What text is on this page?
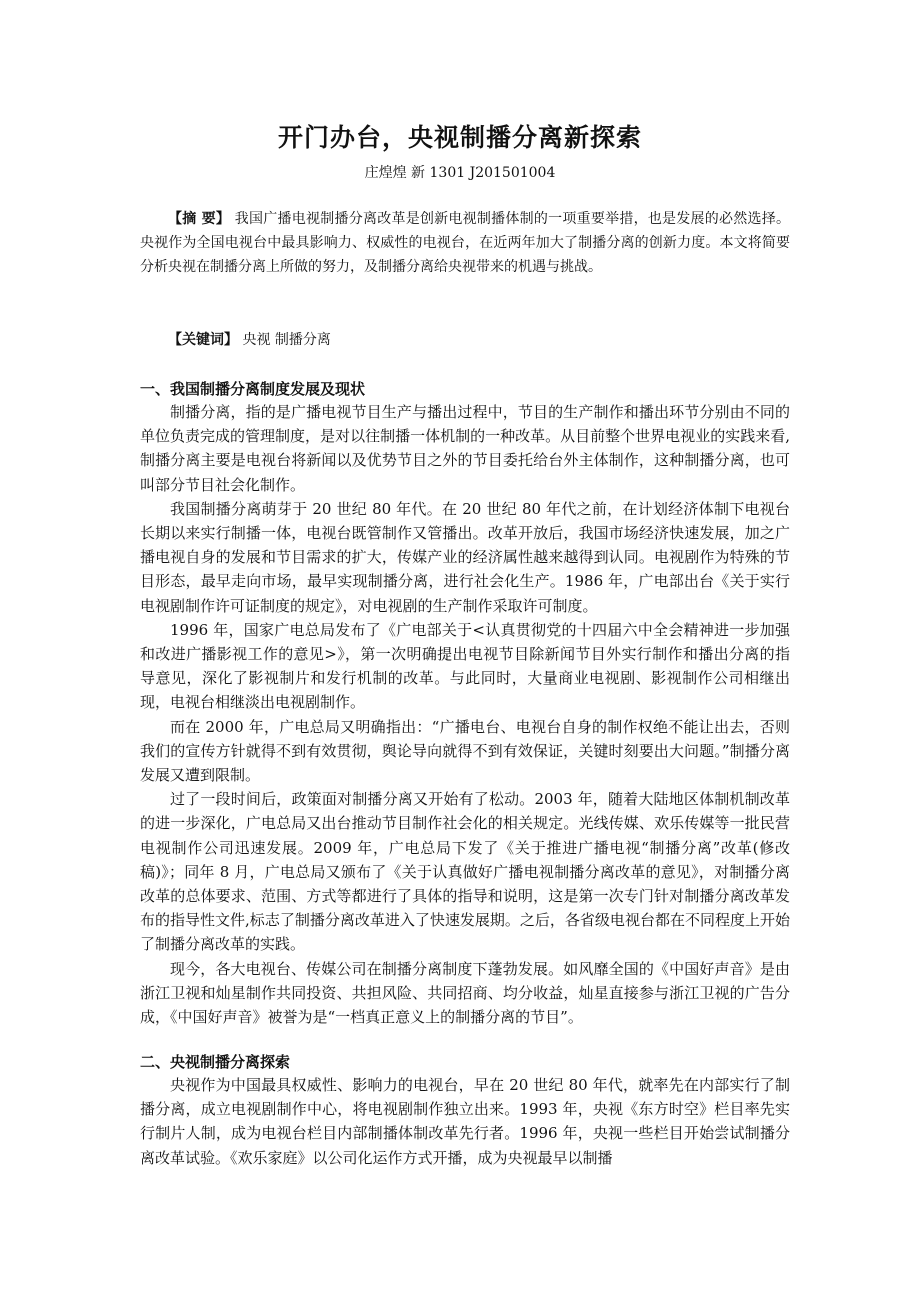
开门办台，央视制播分离新探索
庄煌煌 新 1301 J201501004

【摘 要】 我国广播电视制播分离改革是创新电视制播体制的一项重要举措，也是发展的必然选择。央视作为全国电视台中最具影响力、权威性的电视台，在近两年加大了制播分离的创新力度。本文将简要分析央视在制播分离上所做的努力，及制播分离给央视带来的机遇与挑战。

【关键词】 央视 制播分离

一、我国制播分离制度发展及现状

制播分离，指的是广播电视节目生产与播出过程中，节目的生产制作和播出环节分别由不同的单位负责完成的管理制度，是对以往制播一体机制的一种改革。从目前整个世界电视业的实践来看,制播分离主要是电视台将新闻以及优势节目之外的节目委托给台外主体制作，这种制播分离，也可叫部分节目社会化制作。

我国制播分离萌芽于 20 世纪 80 年代。在 20 世纪 80 年代之前，在计划经济体制下电视台长期以来实行制播一体，电视台既管制作又管播出。改革开放后，我国市场经济快速发展，加之广播电视自身的发展和节目需求的扩大，传媒产业的经济属性越来越得到认同。电视剧作为特殊的节目形态，最早走向市场，最早实现制播分离，进行社会化生产。1986 年，广电部出台《关于实行电视剧制作许可证制度的规定》，对电视剧的生产制作采取许可制度。

1996 年，国家广电总局发布了《广电部关于<认真贯彻党的十四届六中全会精神进一步加强和改进广播影视工作的意见>》，第一次明确提出电视节目除新闻节目外实行制作和播出分离的指导意见，深化了影视制片和发行机制的改革。与此同时，大量商业电视剧、影视制作公司相继出现，电视台相继淡出电视剧制作。

而在 2000 年，广电总局又明确指出：“广播电台、电视台自身的制作权绝不能让出去，否则我们的宣传方针就得不到有效贯彻，舆论导向就得不到有效保证，关键时刻要出大问题。”制播分离发展又遭到限制。

过了一段时间后，政策面对制播分离又开始有了松动。2003 年，随着大陆地区体制机制改革的进一步深化，广电总局又出台推动节目制作社会化的相关规定。光线传媒、欢乐传媒等一批民营电视制作公司迅速发展。2009 年，广电总局下发了《关于推进广播电视“制播分离”改革(修改稿)》；同年 8 月，广电总局又颁布了《关于认真做好广播电视制播分离改革的意见》，对制播分离改革的总体要求、范围、方式等都进行了具体的指导和说明，这是第一次专门针对制播分离改革发布的指导性文件,标志了制播分离改革进入了快速发展期。之后，各省级电视台都在不同程度上开始了制播分离改革的实践。

现今，各大电视台、传媒公司在制播分离制度下蓬勃发展。如风靡全国的《中国好声音》是由浙江卫视和灿星制作共同投资、共担风险、共同招商、均分收益，灿星直接参与浙江卫视的广告分成，《中国好声音》被誉为是“一档真正意义上的制播分离的节目”。

二、央视制播分离探索

央视作为中国最具权威性、影响力的电视台，早在 20 世纪 80 年代，就率先在内部实行了制播分离，成立电视剧制作中心，将电视剧制作独立出来。1993 年，央视《东方时空》栏目率先实行制片人制，成为电视台栏目内部制播体制改革先行者。1996 年，央视一些栏目开始尝试制播分离改革试验。《欢乐家庭》以公司化运作方式开播，成为央视最早以制播
